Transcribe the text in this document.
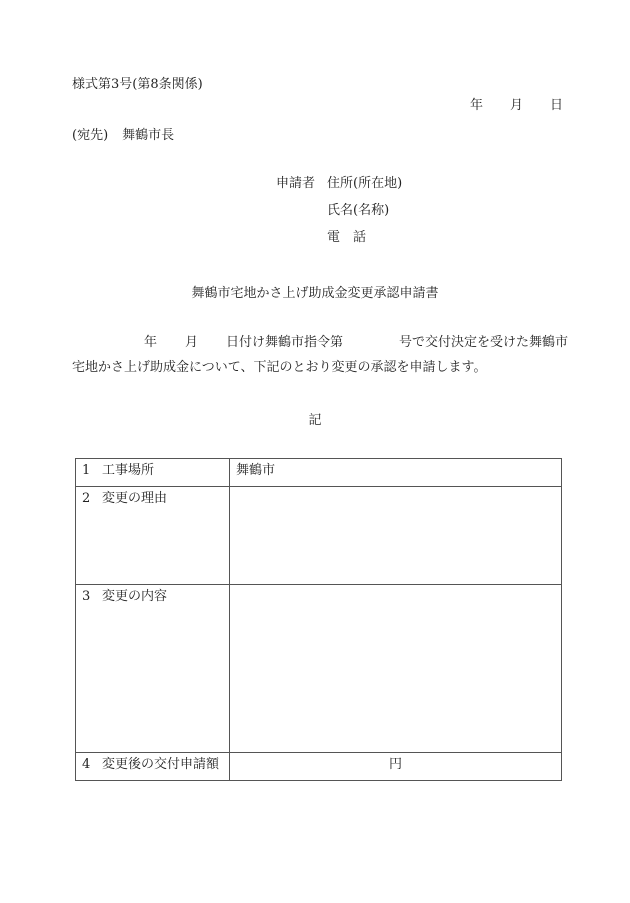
様式第3号(第8条関係)
年 月 日
(宛先) 舞鶴市長
申請者 住所(所在地)
氏名(名称)
電　話
舞鶴市宅地かさ上げ助成金変更承認申請書
年 月 日付け舞鶴市指令第	号で交付決定を受けた舞鶴市
宅地かさ上げ助成金について、下記のとおり変更の承認を申請します。
記
1 工事場所	舞鶴市
2 変更の理由	
3 変更の内容	
4 変更後の交付申請額	円
